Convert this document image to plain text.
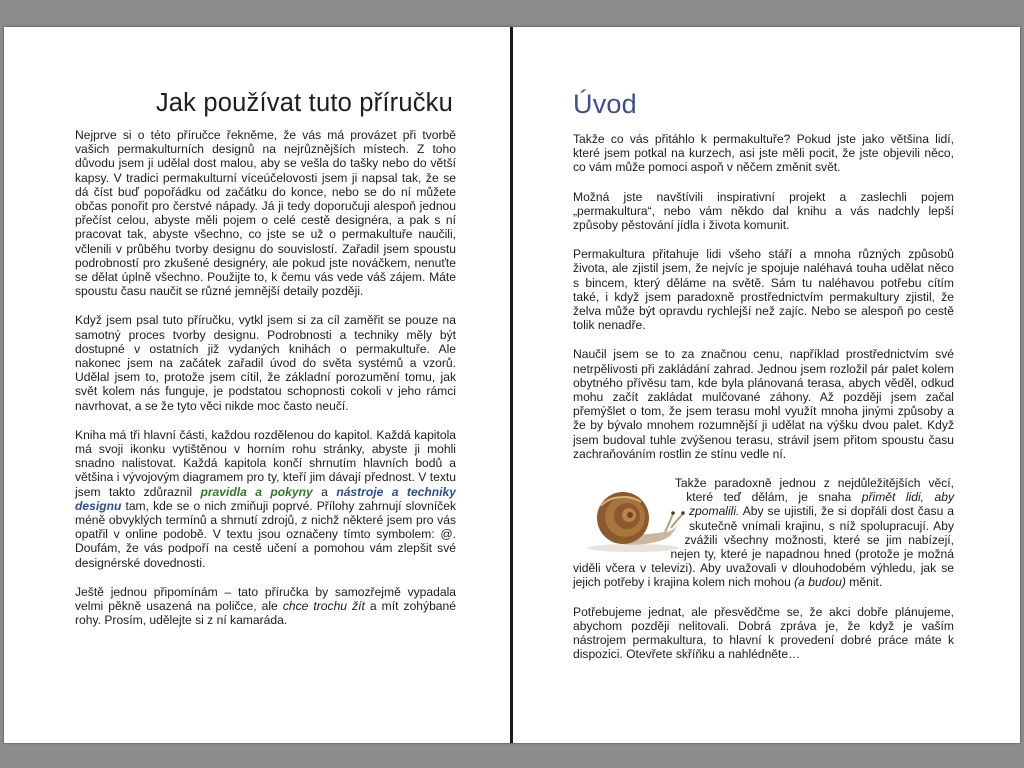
Jak používat tuto příručku

Nejprve si o této příručce řekněme, že vás má provázet při tvorbě vašich permakulturních designů na nejrůznějších místech. Z toho důvodu jsem ji udělal dost malou, aby se vešla do tašky nebo do větší kapsy. V tradici permakulturní víceúčelovosti jsem ji napsal tak, že se dá číst buď popořádku od začátku do konce, nebo se do ní můžete občas ponořit pro čerstvé nápady. Já ji tedy doporučuji alespoň jednou přečíst celou, abyste měli pojem o celé cestě designéra, a pak s ní pracovat tak, abyste všechno, co jste se už o permakultuře naučili, včlenili v průběhu tvorby designu do souvislostí. Zařadil jsem spoustu podrobností pro zkušené designéry, ale pokud jste nováčkem, nenuťte se dělat úplně všechno. Použijte to, k čemu vás vede váš zájem. Máte spoustu času naučit se různé jemnější detaily později.

Když jsem psal tuto příručku, vytkl jsem si za cíl zaměřit se pouze na samotný proces tvorby designu. Podrobnosti a techniky měly být dostupné v ostatních již vydaných knihách o permakultuře. Ale nakonec jsem na začátek zařadil úvod do světa systémů a vzorů. Udělal jsem to, protože jsem cítil, že základní porozumění tomu, jak svět kolem nás funguje, je podstatou schopnosti cokoli v jeho rámci navrhovat, a se že tyto věci nikde moc často neučí.

Kniha má tři hlavní části, každou rozdělenou do kapitol. Každá kapitola má svoji ikonku vytištěnou v horním rohu stránky, abyste ji mohli snadno nalistovat. Každá kapitola končí shrnutím hlavních bodů a většina i vývojovým diagramem pro ty, kteří jim dávají přednost. V textu jsem takto zdůraznil pravidla a pokyny a nástroje a techniky designu tam, kde se o nich zmiňuji poprvé. Přílohy zahrnují slovníček méně obvyklých termínů a shrnutí zdrojů, z nichž některé jsem pro vás opatřil v online podobě. V textu jsou označeny tímto symbolem: @. Doufám, že vás podpoří na cestě učení a pomohou vám zlepšit své designérské dovednosti.

Ještě jednou připomínám – tato příručka by samozřejmě vypadala velmi pěkně usazená na poličce, ale chce trochu žít a mít zohýbané rohy. Prosím, udělejte si z ní kamaráda.

Úvod

Takže co vás přitáhlo k permakultuře? Pokud jste jako většina lidí, které jsem potkal na kurzech, asi jste měli pocit, že jste objevili něco, co vám může pomoci aspoň v něčem změnit svět.

Možná jste navštívili inspirativní projekt a zaslechli pojem „permakultura“, nebo vám někdo dal knihu a vás nadchly lepší způsoby pěstování jídla i života komunit.

Permakultura přitahuje lidi všeho stáří a mnoha různých způsobů života, ale zjistil jsem, že nejvíc je spojuje naléhavá touha udělat něco s bincem, který děláme na světě. Sám tu naléhavou potřebu cítím také, i když jsem paradoxně prostřednictvím permakultury zjistil, že želva může být opravdu rychlejší než zajíc. Nebo se alespoň po cestě tolik nenadře.

Naučil jsem se to za značnou cenu, například prostřednictvím své netrpělivosti při zakládání zahrad. Jednou jsem rozložil pár palet kolem obytného přívěsu tam, kde byla plánovaná terasa, abych věděl, odkud mohu začít zakládat mulčované záhony. Až později jsem začal přemýšlet o tom, že jsem terasu mohl využít mnoha jinými způsoby a že by bývalo mnohem rozumnější ji udělat na výšku dvou palet. Když jsem budoval tuhle zvýšenou terasu, strávil jsem přitom spoustu času zachraňováním rostlin ze stínu vedle ní.

Takže paradoxně jednou z nejdůležitějších věcí, které teď dělám, je snaha přimět lidi, aby zpomalili. Aby se ujistili, že si dopřáli dost času a skutečně vnímali krajinu, s níž spolupracují. Aby zvážili všechny možnosti, které se jim nabízejí, nejen ty, které je napadnou hned (protože je možná viděli včera v televizi). Aby uvažovali v dlouhodobém výhledu, jak se jejich potřeby i krajina kolem nich mohou (a budou) měnit.

Potřebujeme jednat, ale přesvědčme se, že akci dobře plánujeme, abychom později nelitovali. Dobrá zpráva je, že když je vaším nástrojem permakultura, to hlavní k provedení dobré práce máte k dispozici. Otevřete skříňku a nahlédněte…
